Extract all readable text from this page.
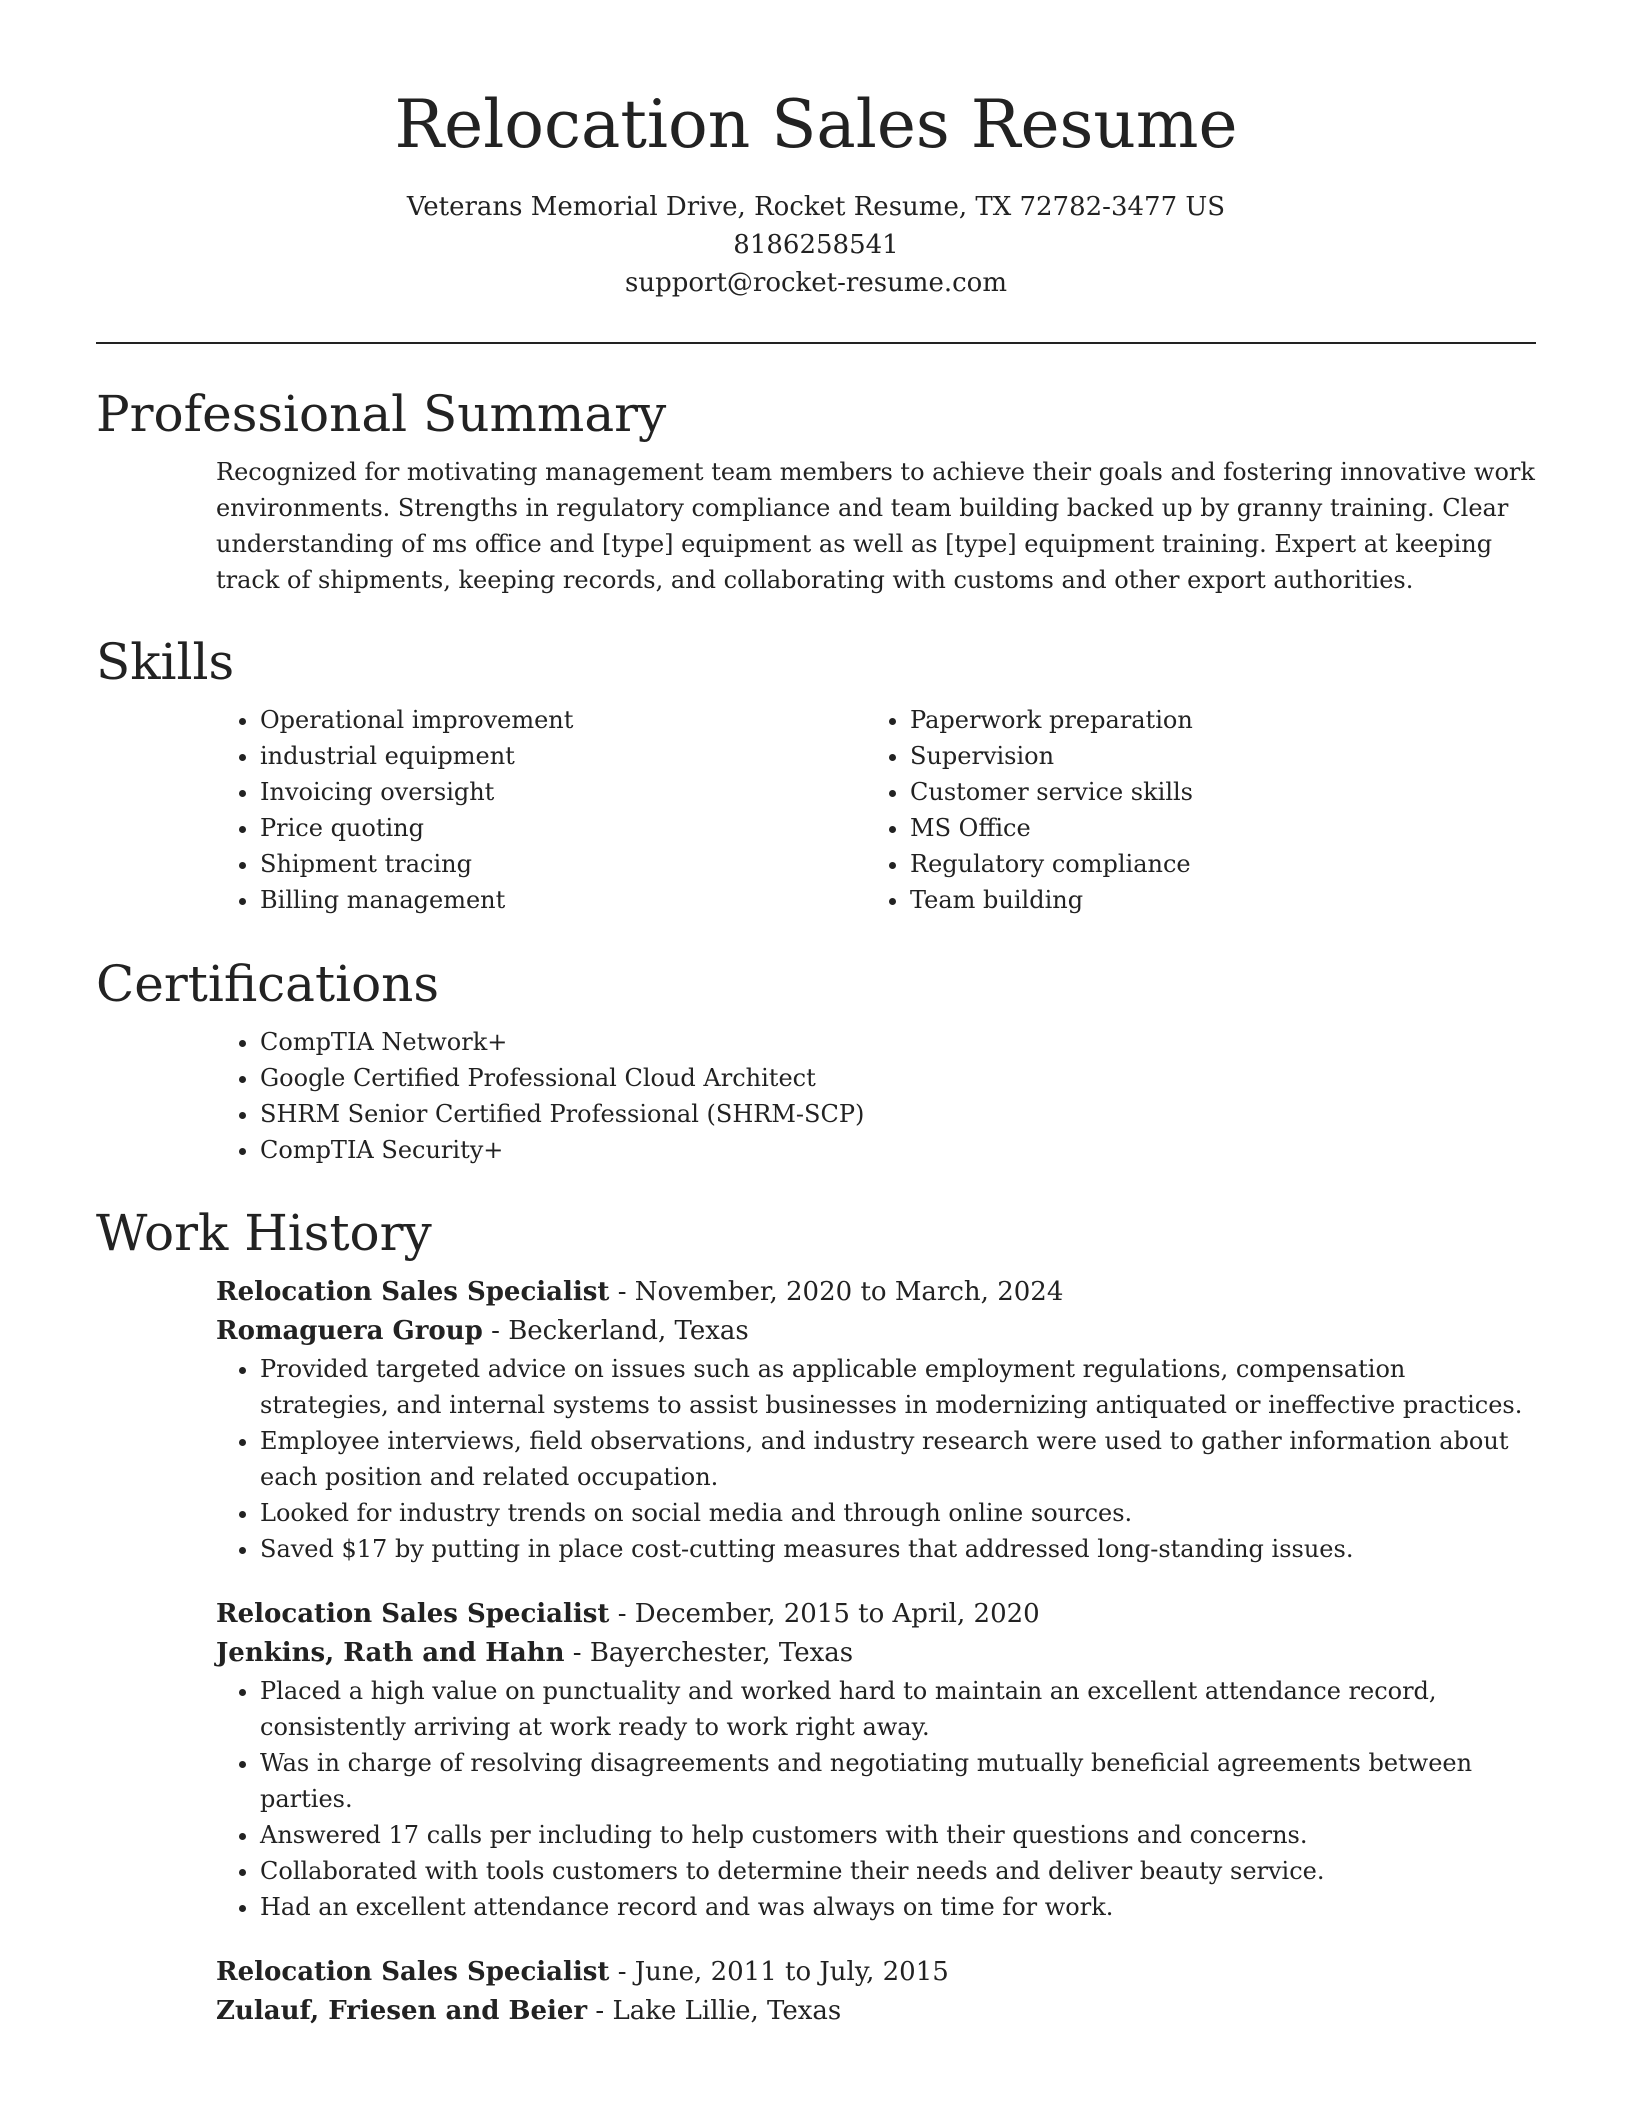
Relocation Sales Resume
Veterans Memorial Drive, Rocket Resume, TX 72782-3477 US
8186258541
support@rocket-resume.com
Professional Summary
Recognized for motivating management team members to achieve their goals and fostering innovative work environments. Strengths in regulatory compliance and team building backed up by granny training. Clear understanding of ms office and [type] equipment as well as [type] equipment training. Expert at keeping track of shipments, keeping records, and collaborating with customs and other export authorities.
Skills
• Operational improvement
• industrial equipment
• Invoicing oversight
• Price quoting
• Shipment tracing
• Billing management
• Paperwork preparation
• Supervision
• Customer service skills
• MS Office
• Regulatory compliance
• Team building
Certifications
• CompTIA Network+
• Google Certified Professional Cloud Architect
• SHRM Senior Certified Professional (SHRM-SCP)
• CompTIA Security+
Work History
Relocation Sales Specialist - November, 2020 to March, 2024
Romaguera Group - Beckerland, Texas
• Provided targeted advice on issues such as applicable employment regulations, compensation strategies, and internal systems to assist businesses in modernizing antiquated or ineffective practices.
• Employee interviews, field observations, and industry research were used to gather information about each position and related occupation.
• Looked for industry trends on social media and through online sources.
• Saved $17 by putting in place cost-cutting measures that addressed long-standing issues.
Relocation Sales Specialist - December, 2015 to April, 2020
Jenkins, Rath and Hahn - Bayerchester, Texas
• Placed a high value on punctuality and worked hard to maintain an excellent attendance record, consistently arriving at work ready to work right away.
• Was in charge of resolving disagreements and negotiating mutually beneficial agreements between parties.
• Answered 17 calls per including to help customers with their questions and concerns.
• Collaborated with tools customers to determine their needs and deliver beauty service.
• Had an excellent attendance record and was always on time for work.
Relocation Sales Specialist - June, 2011 to July, 2015
Zulauf, Friesen and Beier - Lake Lillie, Texas
